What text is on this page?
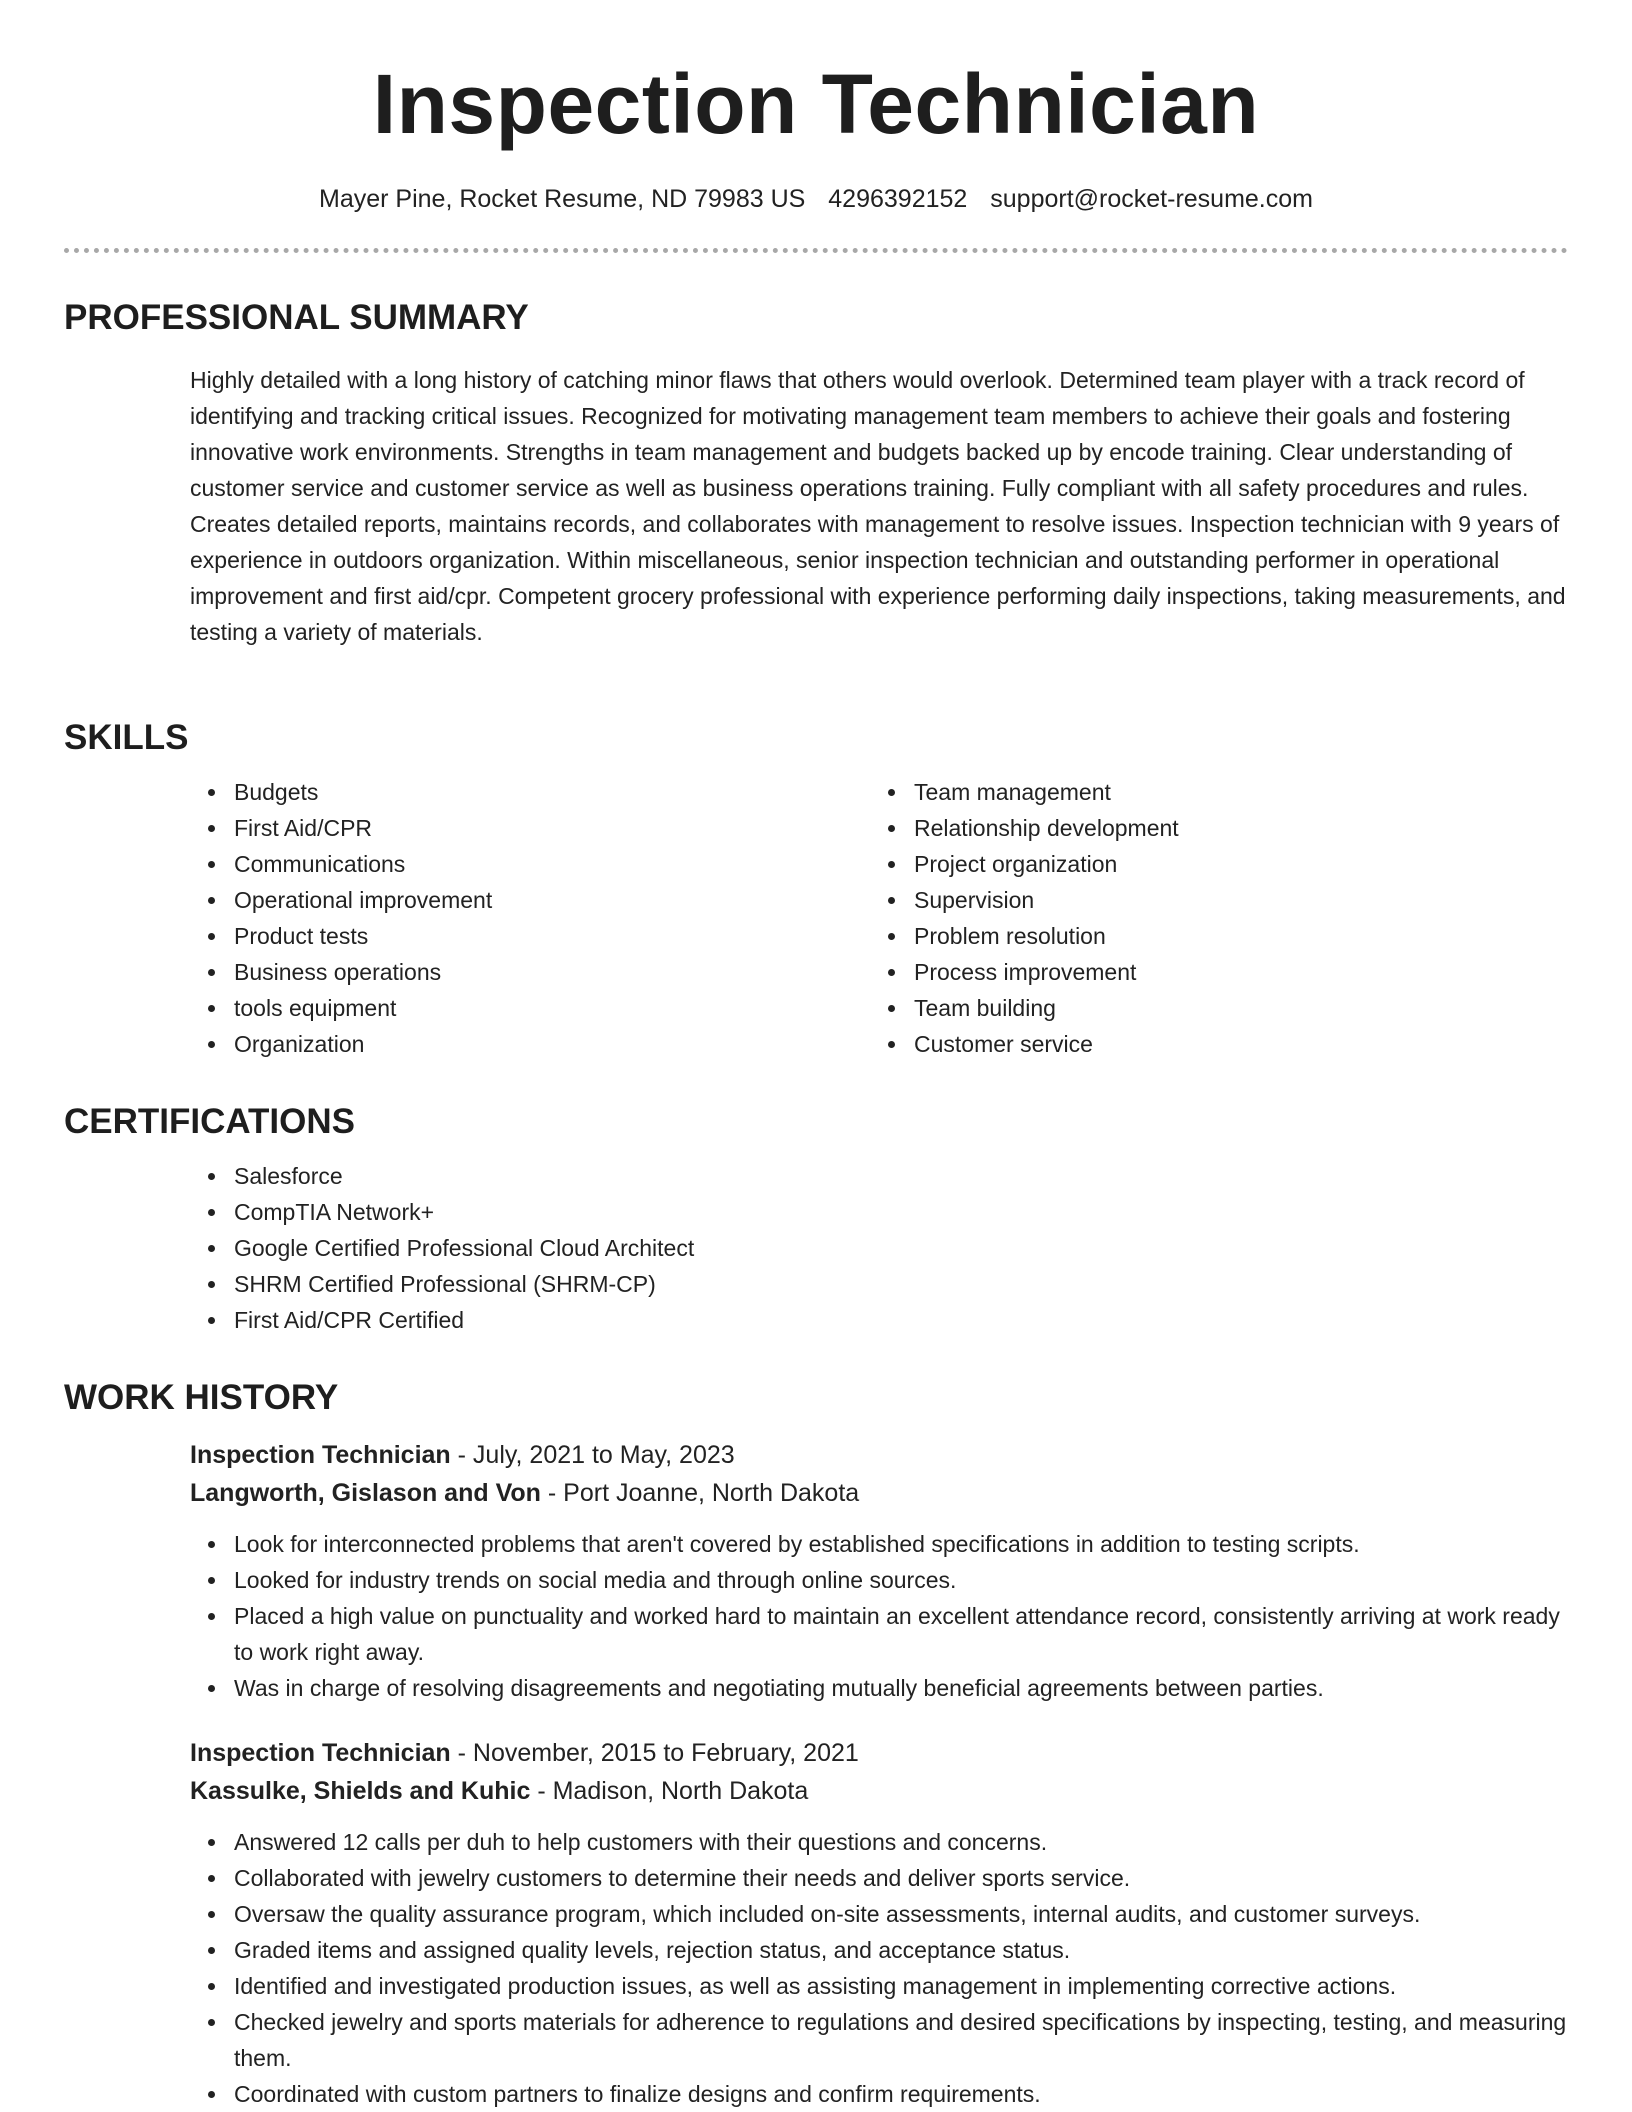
Inspection Technician
Mayer Pine, Rocket Resume, ND 79983 US 4296392152 support@rocket-resume.com
PROFESSIONAL SUMMARY

Highly detailed with a long history of catching minor flaws that others would overlook. Determined team player with a track record of identifying and tracking critical issues. Recognized for motivating management team members to achieve their goals and fostering innovative work environments. Strengths in team management and budgets backed up by encode training. Clear understanding of customer service and customer service as well as business operations training. Fully compliant with all safety procedures and rules. Creates detailed reports, maintains records, and collaborates with management to resolve issues. Inspection technician with 9 years of experience in outdoors organization. Within miscellaneous, senior inspection technician and outstanding performer in operational improvement and first aid/cpr. Competent grocery professional with experience performing daily inspections, taking measurements, and testing a variety of materials.

SKILLS
Budgets
First Aid/CPR
Communications
Operational improvement
Product tests
Business operations
tools equipment
Organization
Team management
Relationship development
Project organization
Supervision
Problem resolution
Process improvement
Team building
Customer service
CERTIFICATIONS
Salesforce
CompTIA Network+
Google Certified Professional Cloud Architect
SHRM Certified Professional (SHRM-CP)
First Aid/CPR Certified
WORK HISTORY
Inspection Technician - July, 2021 to May, 2023
Langworth, Gislason and Von - Port Joanne, North Dakota
Look for interconnected problems that aren't covered by established specifications in addition to testing scripts.
Looked for industry trends on social media and through online sources.
Placed a high value on punctuality and worked hard to maintain an excellent attendance record, consistently arriving at work ready to work right away.
Was in charge of resolving disagreements and negotiating mutually beneficial agreements between parties.
Inspection Technician - November, 2015 to February, 2021
Kassulke, Shields and Kuhic - Madison, North Dakota
Answered 12 calls per duh to help customers with their questions and concerns.
Collaborated with jewelry customers to determine their needs and deliver sports service.
Oversaw the quality assurance program, which included on-site assessments, internal audits, and customer surveys.
Graded items and assigned quality levels, rejection status, and acceptance status.
Identified and investigated production issues, as well as assisting management in implementing corrective actions.
Checked jewelry and sports materials for adherence to regulations and desired specifications by inspecting, testing, and measuring them.
Coordinated with custom partners to finalize designs and confirm requirements.
